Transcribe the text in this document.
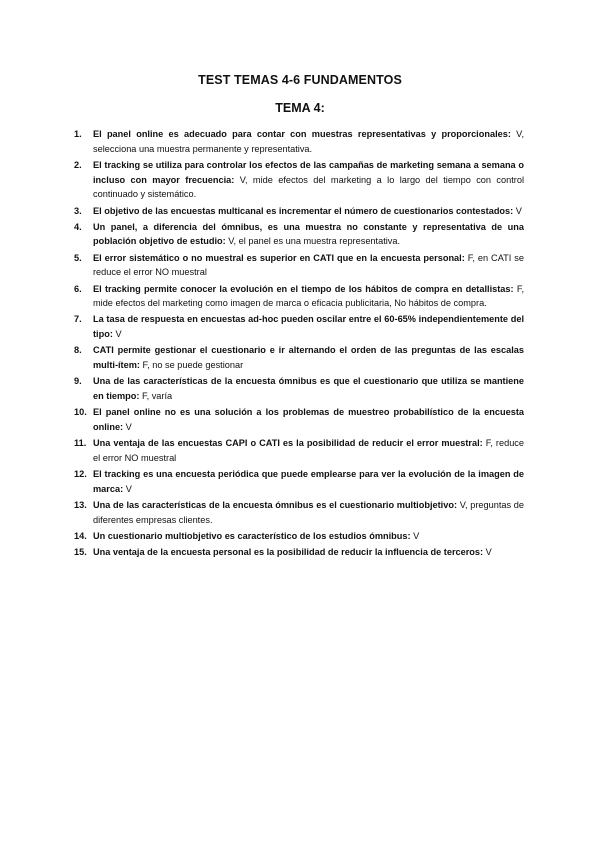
TEST TEMAS 4-6 FUNDAMENTOS
TEMA 4:
1.	El panel online es adecuado para contar con muestras representativas y proporcionales: V, selecciona una muestra permanente y representativa.
2.	El tracking se utiliza para controlar los efectos de las campañas de marketing semana a semana o incluso con mayor frecuencia: V, mide efectos del marketing a lo largo del tiempo con control continuado y sistemático.
3.	El objetivo de las encuestas multicanal es incrementar el número de cuestionarios contestados: V
4.	Un panel, a diferencia del ómnibus, es una muestra no constante y representativa de una población objetivo de estudio: V, el panel es una muestra representativa.
5.	El error sistemático o no muestral es superior en CATI que en la encuesta personal: F, en CATI se reduce el error NO muestral
6.	El tracking permite conocer la evolución en el tiempo de los hábitos de compra en detallistas: F, mide efectos del marketing como imagen de marca o eficacia publicitaria, No hábitos de compra.
7.	La tasa de respuesta en encuestas ad-hoc pueden oscilar entre el 60-65% independientemente del tipo: V
8.	CATI permite gestionar el cuestionario e ir alternando el orden de las preguntas de las escalas multi-ítem: F, no se puede gestionar
9.	Una de las características de la encuesta ómnibus es que el cuestionario que utiliza se mantiene en tiempo: F, varía
10. El panel online no es una solución a los problemas de muestreo probabilístico de la encuesta online: V
11. Una ventaja de las encuestas CAPI o CATI es la posibilidad de reducir el error muestral: F, reduce el error NO muestral
12. El tracking es una encuesta periódica que puede emplearse para ver la evolución de la imagen de marca: V
13. Una de las características de la encuesta ómnibus es el cuestionario multiobjetivo: V, preguntas de diferentes empresas clientes.
14. Un cuestionario multiobjetivo es característico de los estudios ómnibus: V
15. Una ventaja de la encuesta personal es la posibilidad de reducir la influencia de terceros: V
